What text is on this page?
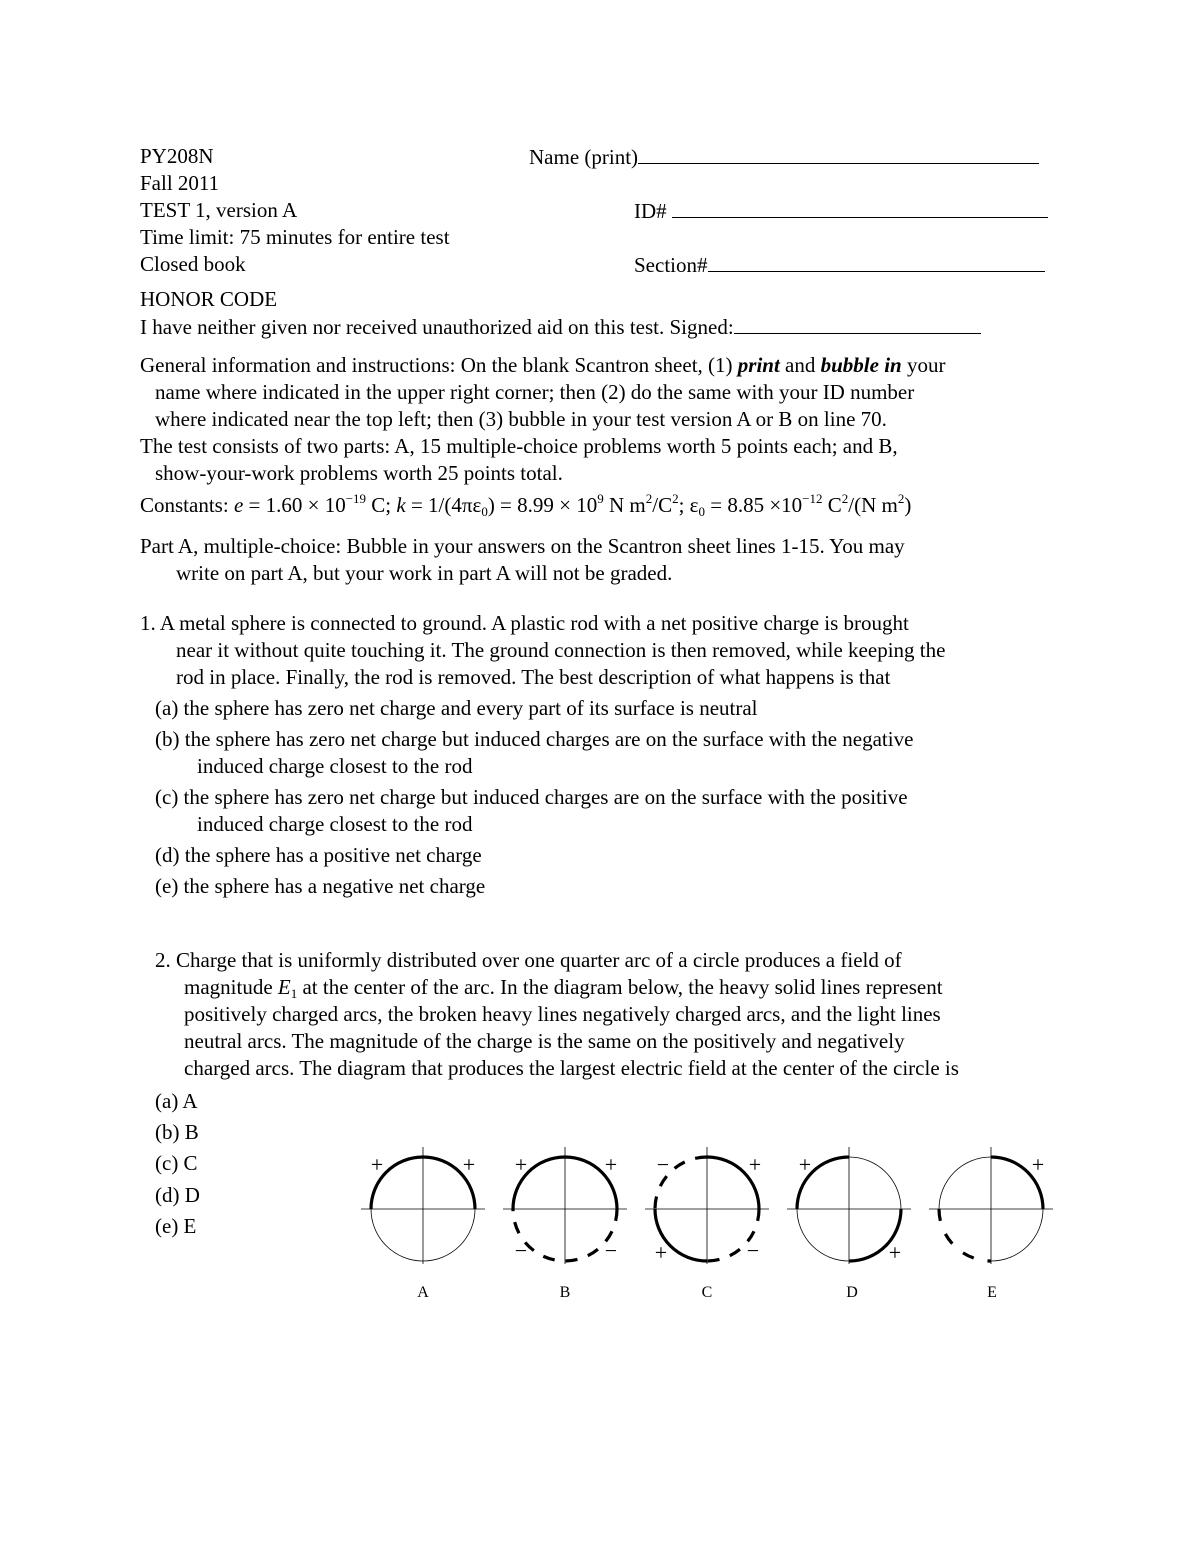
PY208N
Fall 2011
TEST 1, version A
Time limit: 75 minutes for entire test
Closed book
Name (print)
ID#
Section#
HONOR CODE
I have neither given nor received unauthorized aid on this test. Signed:
General information and instructions: On the blank Scantron sheet, (1) print and bubble in your
name where indicated in the upper right corner; then (2) do the same with your ID number
where indicated near the top left; then (3) bubble in your test version A or B on line 70.
The test consists of two parts: A, 15 multiple-choice problems worth 5 points each; and B,
show-your-work problems worth 25 points total.
Constants: $e = 1.60 \times 10^{-19}$ C; $k = 1/(4\pi\varepsilon_0) = 8.99 \times 10^9$ N $m^2/C^2$; $\varepsilon_0 = 8.85 \times 10^{-12}$ $C^2/(N$ $m^2$)
Part A, multiple-choice: Bubble in your answers on the Scantron sheet lines 1-15. You may
write on part A, but your work in part A will not be graded.
1. A metal sphere is connected to ground. A plastic rod with a net positive charge is brought
near it without quite touching it. The ground connection is then removed, while keeping the
rod in place. Finally, the rod is removed. The best description of what happens is that
(a) the sphere has zero net charge and every part of its surface is neutral
(b) the sphere has zero net charge but induced charges are on the surface with the negative
induced charge closest to the rod
(c) the sphere has zero net charge but induced charges are on the surface with the positive
induced charge closest to the rod
(d) the sphere has a positive net charge
(e) the sphere has a negative net charge
2. Charge that is uniformly distributed over one quarter arc of a circle produces a field of
magnitude $E_1$ at the center of the arc. In the diagram below, the heavy solid lines represent
positively charged arcs, the broken heavy lines negatively charged arcs, and the light lines
neutral arcs. The magnitude of the charge is the same on the positively and negatively
charged arcs. The diagram that produces the largest electric field at the center of the circle is
(a) A
(b) B
(c) C
(d) D
(e) E
+	+ +	+
−	−
−	+
+	−
+
+
+
A	B	C	D	E
